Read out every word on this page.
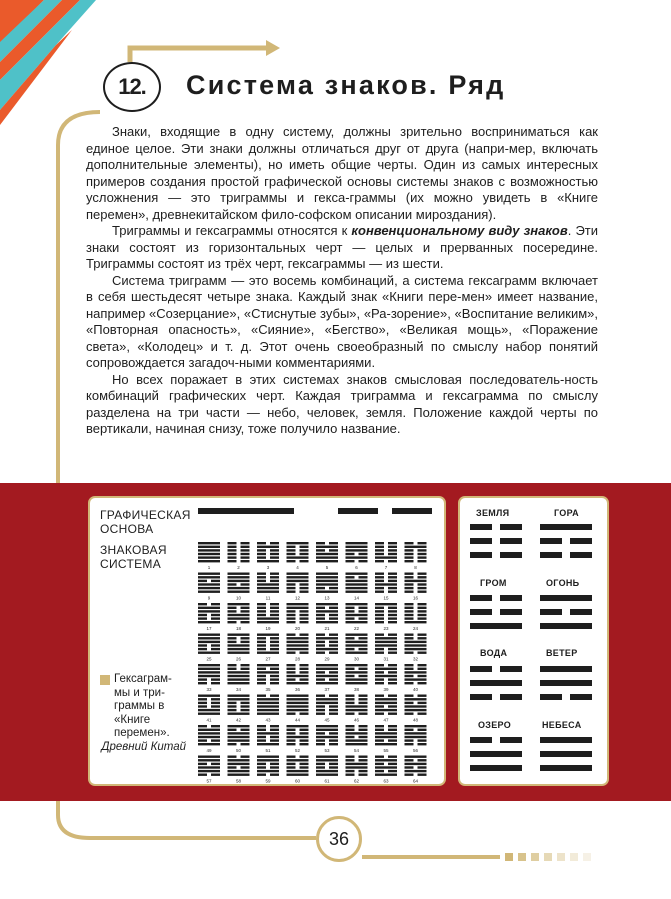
12. Система знаков. Ряд

Знаки, входящие в одну систему, должны зрительно восприниматься как единое целое. Эти знаки должны отличаться друг от друга (напри-мер, включать дополнительные элементы), но иметь общие черты. Один из самых интересных примеров создания простой графической основы системы знаков с возможностью усложнения — это триграммы и гекса-граммы (их можно увидеть в «Книге перемен», древнекитайском фило-софском описании мироздания).

Триграммы и гексаграммы относятся к конвенциональному виду знаков. Эти знаки состоят из горизонтальных черт — целых и прерванных посередине. Триграммы состоят из трёх черт, гексаграммы — из шести.

Система триграмм — это восемь комбинаций, а система гексаграмм включает в себя шестьдесят четыре знака. Каждый знак «Книги пере-мен» имеет название, например «Созерцание», «Стиснутые зубы», «Ра-зорение», «Воспитание великим», «Повторная опасность», «Сияние», «Бегство», «Великая мощь», «Поражение света», «Колодец» и т. д. Этот очень своеобразный по смыслу набор понятий сопровождается загадоч-ными комментариями.

Но всех поражает в этих системах знаков смысловая последователь-ность комбинаций графических черт. Каждая триграмма и гексаграмма по смыслу разделена на три части — небо, человек, земля. Положение каждой черты по вертикали, начиная снизу, тоже получило название.

ГРАФИЧЕСКАЯ
ОСНОВА
ЗНАКОВАЯ
СИСТЕМА
Гексаграм-мы и три-граммы в «Книге перемен».
Древний Китай
1	2	3	4	5	6	7	8
9	10	11	12	13	14	15	16
17	18	19	20	21	22	23	24
25	26	27	28	29	30	31	32
33	34	35	36	37	38	39	40
41	42	43	44	45	46	47	48
49	50	51	52	53	54	55	56
57	58	59	60	61	62	63	64
ЗЕМЛЯ	ГОРА
ГРОМ	ОГОНЬ
ВОДА	ВЕТЕР
ОЗЕРО	НЕБЕСА
36
